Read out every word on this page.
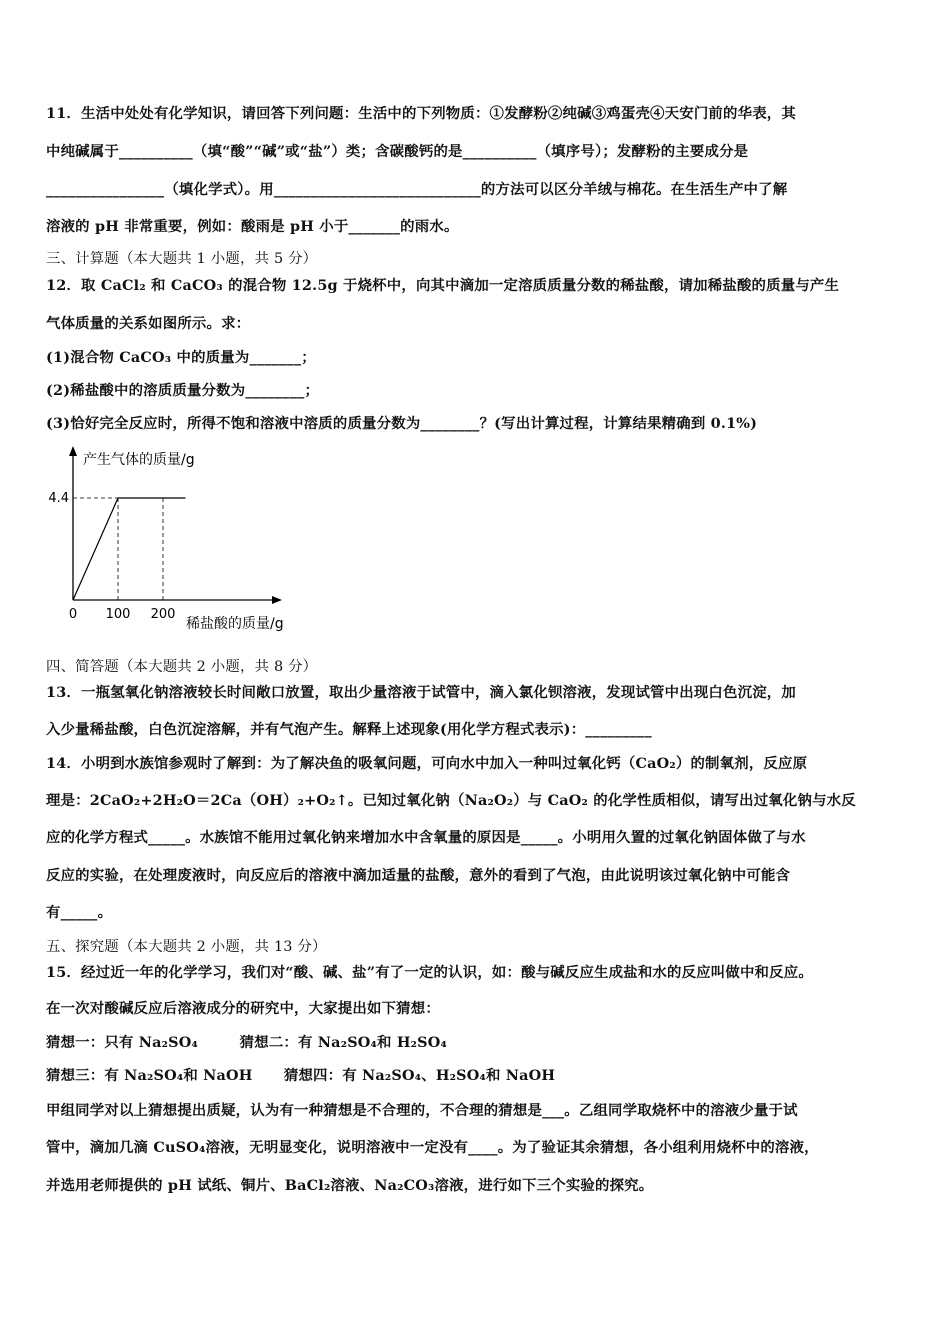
11．生活中处处有化学知识，请回答下列问题：生活中的下列物质：①发酵粉②纯碱③鸡蛋壳④天安门前的华表，其
中纯碱属于__________（填“酸”“碱”或“盐”）类；含碳酸钙的是__________（填序号）；发酵粉的主要成分是
________________（填化学式）。用____________________________的方法可以区分羊绒与棉花。在生活生产中了解
溶液的 pH 非常重要，例如：酸雨是 pH 小于_______的雨水。
三、计算题（本大题共 1 小题，共 5 分）
12．取 CaCl₂ 和 CaCO₃ 的混合物 12.5g 于烧杯中，向其中滴加一定溶质质量分数的稀盐酸，请加稀盐酸的质量与产生
气体质量的关系如图所示。求：
(1)混合物 CaCO₃ 中的质量为_______；
(2)稀盐酸中的溶质质量分数为________；
(3)恰好完全反应时，所得不饱和溶液中溶质的质量分数为________？(写出计算过程，计算结果精确到 0.1%)
4.4
0 100 200
产生气体的质量/g
稀盐酸的质量/g
四、简答题（本大题共 2 小题，共 8 分）
13．一瓶氢氧化钠溶液较长时间敞口放置，取出少量溶液于试管中，滴入氯化钡溶液，发现试管中出现白色沉淀，加
入少量稀盐酸，白色沉淀溶解，并有气泡产生。解释上述现象(用化学方程式表示)：_________
14．小明到水族馆参观时了解到：为了解决鱼的吸氧问题，可向水中加入一种叫过氧化钙（CaO₂）的制氧剂，反应原
理是：2CaO₂+2H₂O＝2Ca（OH）₂+O₂↑。已知过氧化钠（Na₂O₂）与 CaO₂ 的化学性质相似，请写出过氧化钠与水反
应的化学方程式_____。水族馆不能用过氧化钠来增加水中含氧量的原因是_____。小明用久置的过氧化钠固体做了与水
反应的实验，在处理废液时，向反应后的溶液中滴加适量的盐酸，意外的看到了气泡，由此说明该过氧化钠中可能含
有_____。
五、探究题（本大题共 2 小题，共 13 分）
15．经过近一年的化学学习，我们对“酸、碱、盐”有了一定的认识，如：酸与碱反应生成盐和水的反应叫做中和反应。
在一次对酸碱反应后溶液成分的研究中，大家提出如下猜想：
猜想一：只有 Na₂SO₄        猜想二：有 Na₂SO₄和 H₂SO₄
猜想三：有 Na₂SO₄和 NaOH      猜想四：有 Na₂SO₄、H₂SO₄和 NaOH
甲组同学对以上猜想提出质疑，认为有一种猜想是不合理的，不合理的猜想是___。乙组同学取烧杯中的溶液少量于试
管中，滴加几滴 CuSO₄溶液，无明显变化，说明溶液中一定没有____。为了验证其余猜想，各小组利用烧杯中的溶液，
并选用老师提供的 pH 试纸、铜片、BaCl₂溶液、Na₂CO₃溶液，进行如下三个实验的探究。
